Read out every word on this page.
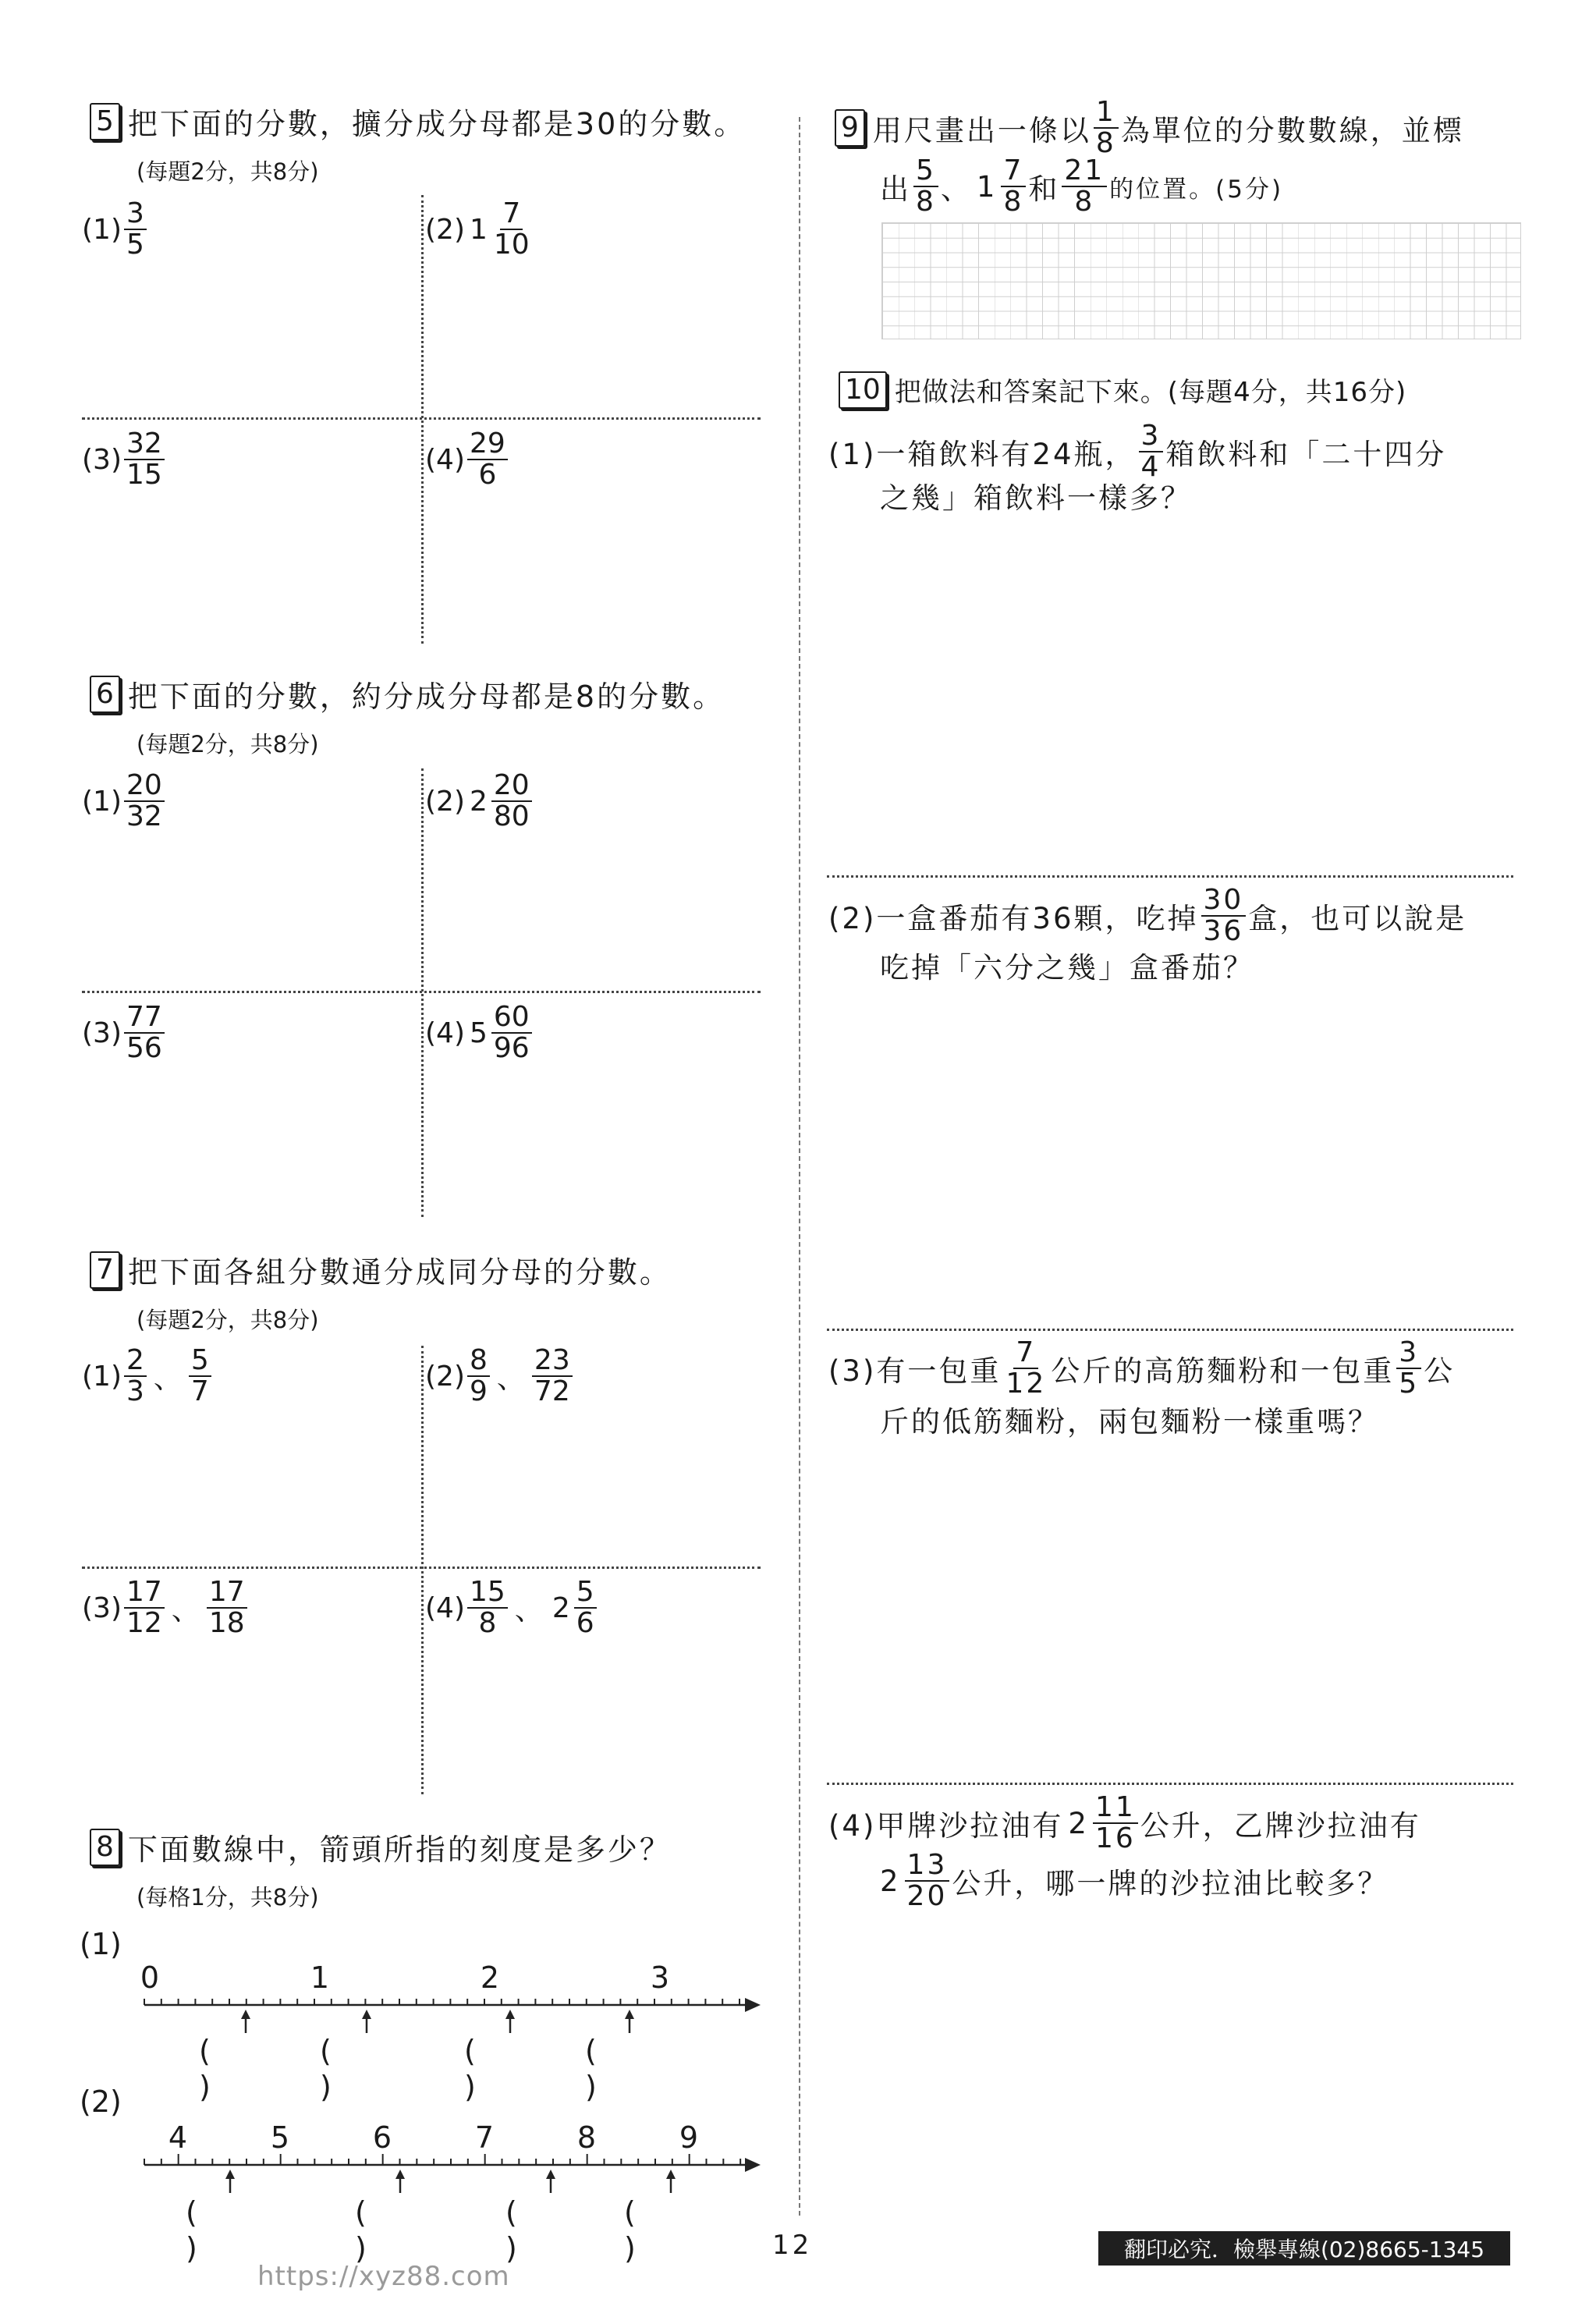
5 把下面的分數，擴分成分母都是30的分數。
(每題2分，共8分)
$(1) \frac{3}{5}$	(2) $1 \frac{7}{10}$
$(3) \frac{32}{15}$	$(4) \frac{29}{6}$
6 把下面的分數，約分成分母都是8的分數。
(每題2分，共8分)
$(1) \frac{20}{32}$	(2) $2 \frac{20}{80}$
$(3) \frac{77}{56}$	(4) $5 \frac{60}{96}$
7 把下面各組分數通分成同分母的分數。
(每題2分，共8分)
$(1) \frac{2}{3}$ 、 $\frac{5}{7}$	$(2) \frac{8}{9}$ 、 $\frac{23}{72}$
$(3) \frac{17}{12}$ 、 $\frac{17}{18}$	$(4) \frac{15}{8}$ 、 $2 \frac{5}{6}$
8 下面數線中，箭頭所指的刻度是多少？
(每格1分，共8分)
(1)
0	1	2	3
(　 )
(　 )
(　 )
(　 )
(2)
4	5	6	7	8	9
(　 )
(　 )
(　 )
(　 )
9 用尺畫出一條以 $\frac{1}{8}$ 為單位的分數數線，並標
出 $\frac{5}{8}$ 、 $1 \frac{7}{8}$ 和 $\frac{21}{8}$ 的位置。(5分)
10 把做法和答案記下來。(每題4分，共16分)
(1)一箱飲料有24瓶， $\frac{3}{4}$ 箱飲料和「二十四分
之幾」箱飲料一樣多？
(2)一盒番茄有36顆，吃掉 $\frac{30}{36}$ 盒，也可以說是
吃掉「六分之幾」盒番茄？
(3)有一包重 $\frac{7}{12}$ 公斤的高筋麵粉和一包重 $\frac{3}{5}$ 公
斤的低筋麵粉，兩包麵粉一樣重嗎？
(4)甲牌沙拉油有 $2 \frac{11}{16}$ 公升，乙牌沙拉油有
$2 \frac{13}{20}$ 公升，哪一牌的沙拉油比較多？
12	翻印必究．檢舉專線(02)8665-1345
https://xyz88.com
